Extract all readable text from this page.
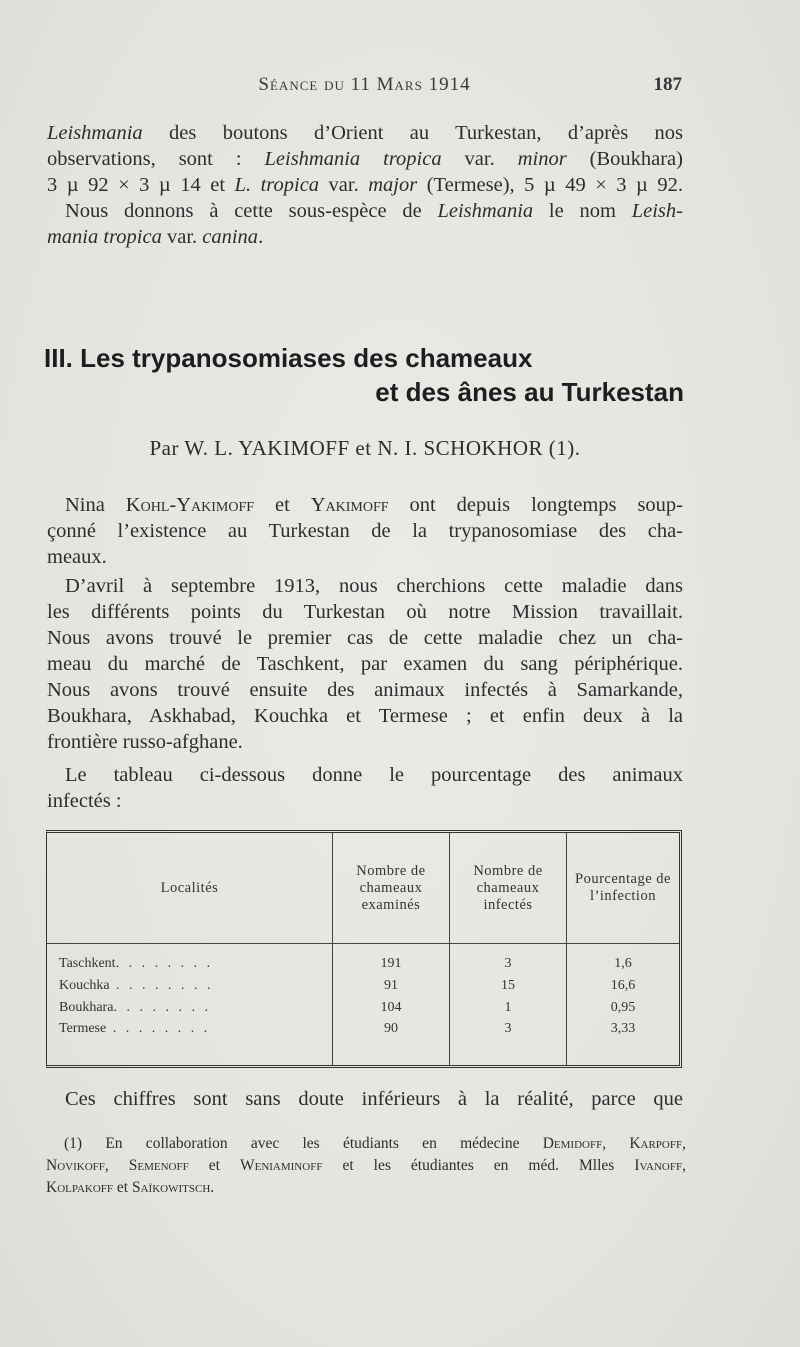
Séance du 11 Mars 1914	187
Leishmania des boutons d’Orient au Turkestan, d’après nos
observations, sont : Leishmania tropica var. minor (Boukhara)
3 µ 92 × 3 µ 14 et L. tropica var. major (Termese), 5 µ 49 × 3 µ 92.
Nous donnons à cette sous-espèce de Leishmania le nom Leish-
mania tropica var. canina.
III. Les trypanosomiases des chameaux
et des ânes au Turkestan
Par W. L. YAKIMOFF et N. I. SCHOKHOR (1).
Nina Kohl-Yakimoff et Yakimoff ont depuis longtemps soup-
çonné l’existence au Turkestan de la trypanosomiase des cha-
meaux.
D’avril à septembre 1913, nous cherchions cette maladie dans
les différents points du Turkestan où notre Mission travaillait.
Nous avons trouvé le premier cas de cette maladie chez un cha-
meau du marché de Taschkent, par examen du sang périphérique.
Nous avons trouvé ensuite des animaux infectés à Samarkande,
Boukhara, Askhabad, Kouchka et Termese ; et enfin deux à la
frontière russo-afghane.
Le tableau ci-dessous donne le pourcentage des animaux
infectés :
Localités	Nombre de chameaux examinés	Nombre de chameaux infectés	Pourcentage de l’infection

Taschkent. . . . . . . .	191	3	1,6
Kouchka . . . . . . . .	91	15	16,6
Boukhara. . . . . . . .	104	1	0,95
Termese . . . . . . . .	90	3	3,33

Ces chiffres sont sans doute inférieurs à la réalité, parce que
(1) En collaboration avec les étudiants en médecine Demidoff, Karpoff,
Novikoff, Semenoff et Weniaminoff et les étudiantes en méd. Mlles Ivanoff,
Kolpakoff et Saïkowitsch.
